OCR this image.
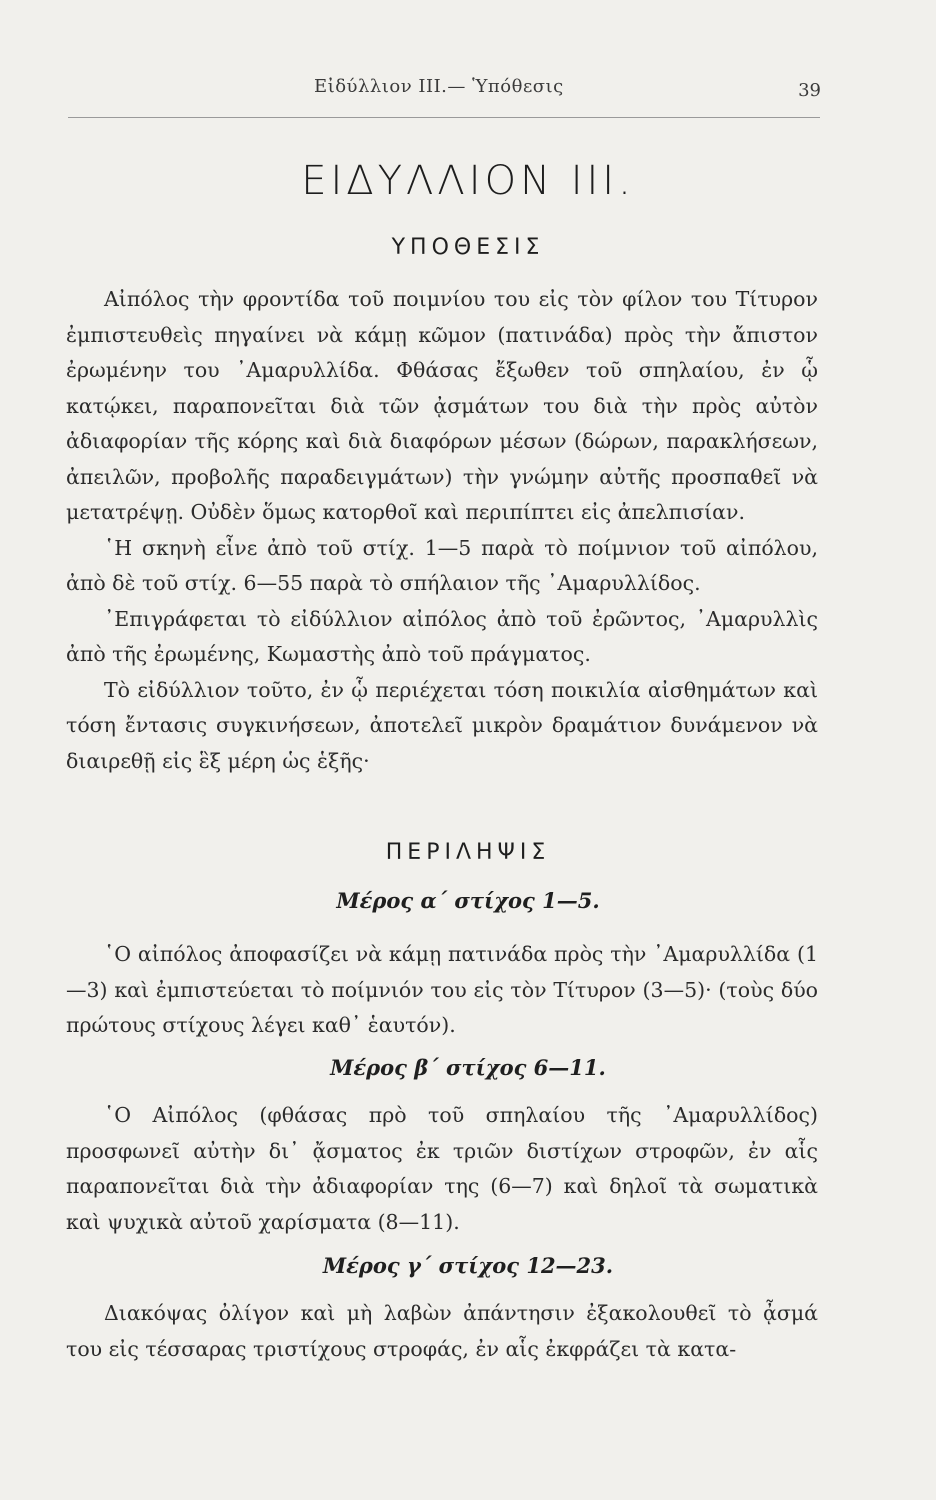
Εἰδύλλιον ΙΙΙ.— Ὑπόθεσις	39
ΕΙΔΥΛΛΙΟΝ ΙΙΙ.
ΥΠΟΘΕΣΙΣ

Αἰπόλος τὴν φροντίδα τοῦ ποιμνίου του εἰς τὸν φίλον του Τίτυρον ἐμπιστευθεὶς πηγαίνει νὰ κάμῃ κῶμον (πατινάδα) πρὸς τὴν ἄπιστον ἐρωμένην του ᾿Αμαρυλλίδα. Φθάσας ἔξωθεν τοῦ σπηλαίου, ἐν ᾧ κατῴκει, παραπονεῖται διὰ τῶν ᾀσμάτων του διὰ τὴν πρὸς αὐτὸν ἀδιαφορίαν τῆς κόρης καὶ διὰ διαφόρων μέσων (δώρων, παρακλήσεων, ἀπειλῶν, προβολῆς παραδειγμάτων) τὴν γνώμην αὐτῆς προσπαθεῖ νὰ μετατρέψῃ. Οὐδὲν ὅμως κατορθοῖ καὶ περιπίπτει εἰς ἀπελπισίαν.

῾Η σκηνὴ εἶνε ἀπὸ τοῦ στίχ. 1—5 παρὰ τὸ ποίμνιον τοῦ αἰπόλου, ἀπὸ δὲ τοῦ στίχ. 6—55 παρὰ τὸ σπήλαιον τῆς ᾿Αμαρυλλίδος.

᾿Επιγράφεται τὸ εἰδύλλιον αἰπόλος ἀπὸ τοῦ ἐρῶντος, ᾿Αμαρυλλὶς ἀπὸ τῆς ἐρωμένης, Κωμαστὴς ἀπὸ τοῦ πράγματος.

Τὸ εἰδύλλιον τοῦτο, ἐν ᾧ περιέχεται τόση ποικιλία αἰσθημάτων καὶ τόση ἔντασις συγκινήσεων, ἀποτελεῖ μικρὸν δραμάτιον δυνάμενον νὰ διαιρεθῇ εἰς ἓξ μέρη ὡς ἑξῆς·

ΠΕΡΙΛΗΨΙΣ
Μέρος α΄ στίχος 1—5.

῾Ο αἰπόλος ἀποφασίζει νὰ κάμῃ πατινάδα πρὸς τὴν ᾿Αμαρυλλίδα (1—3) καὶ ἐμπιστεύεται τὸ ποίμνιόν του εἰς τὸν Τίτυρον (3—5)· (τοὺς δύο πρώτους στίχους λέγει καθ᾿ ἑαυτόν).

Μέρος β΄ στίχος 6—11.

῾Ο Αἰπόλος (φθάσας πρὸ τοῦ σπηλαίου τῆς ᾿Αμαρυλλίδος) προσφωνεῖ αὐτὴν δι᾿ ᾄσματος ἐκ τριῶν διστίχων στροφῶν, ἐν αἷς παραπονεῖται διὰ τὴν ἀδιαφορίαν της (6—7) καὶ δηλοῖ τὰ σωματικὰ καὶ ψυχικὰ αὐτοῦ χαρίσματα (8—11).

Μέρος γ΄ στίχος 12—23.

Διακόψας ὀλίγον καὶ μὴ λαβὼν ἀπάντησιν ἐξακολουθεῖ τὸ ᾆσμά του εἰς τέσσαρας τριστίχους στροφάς, ἐν αἷς ἐκφράζει τὰ κατα-
